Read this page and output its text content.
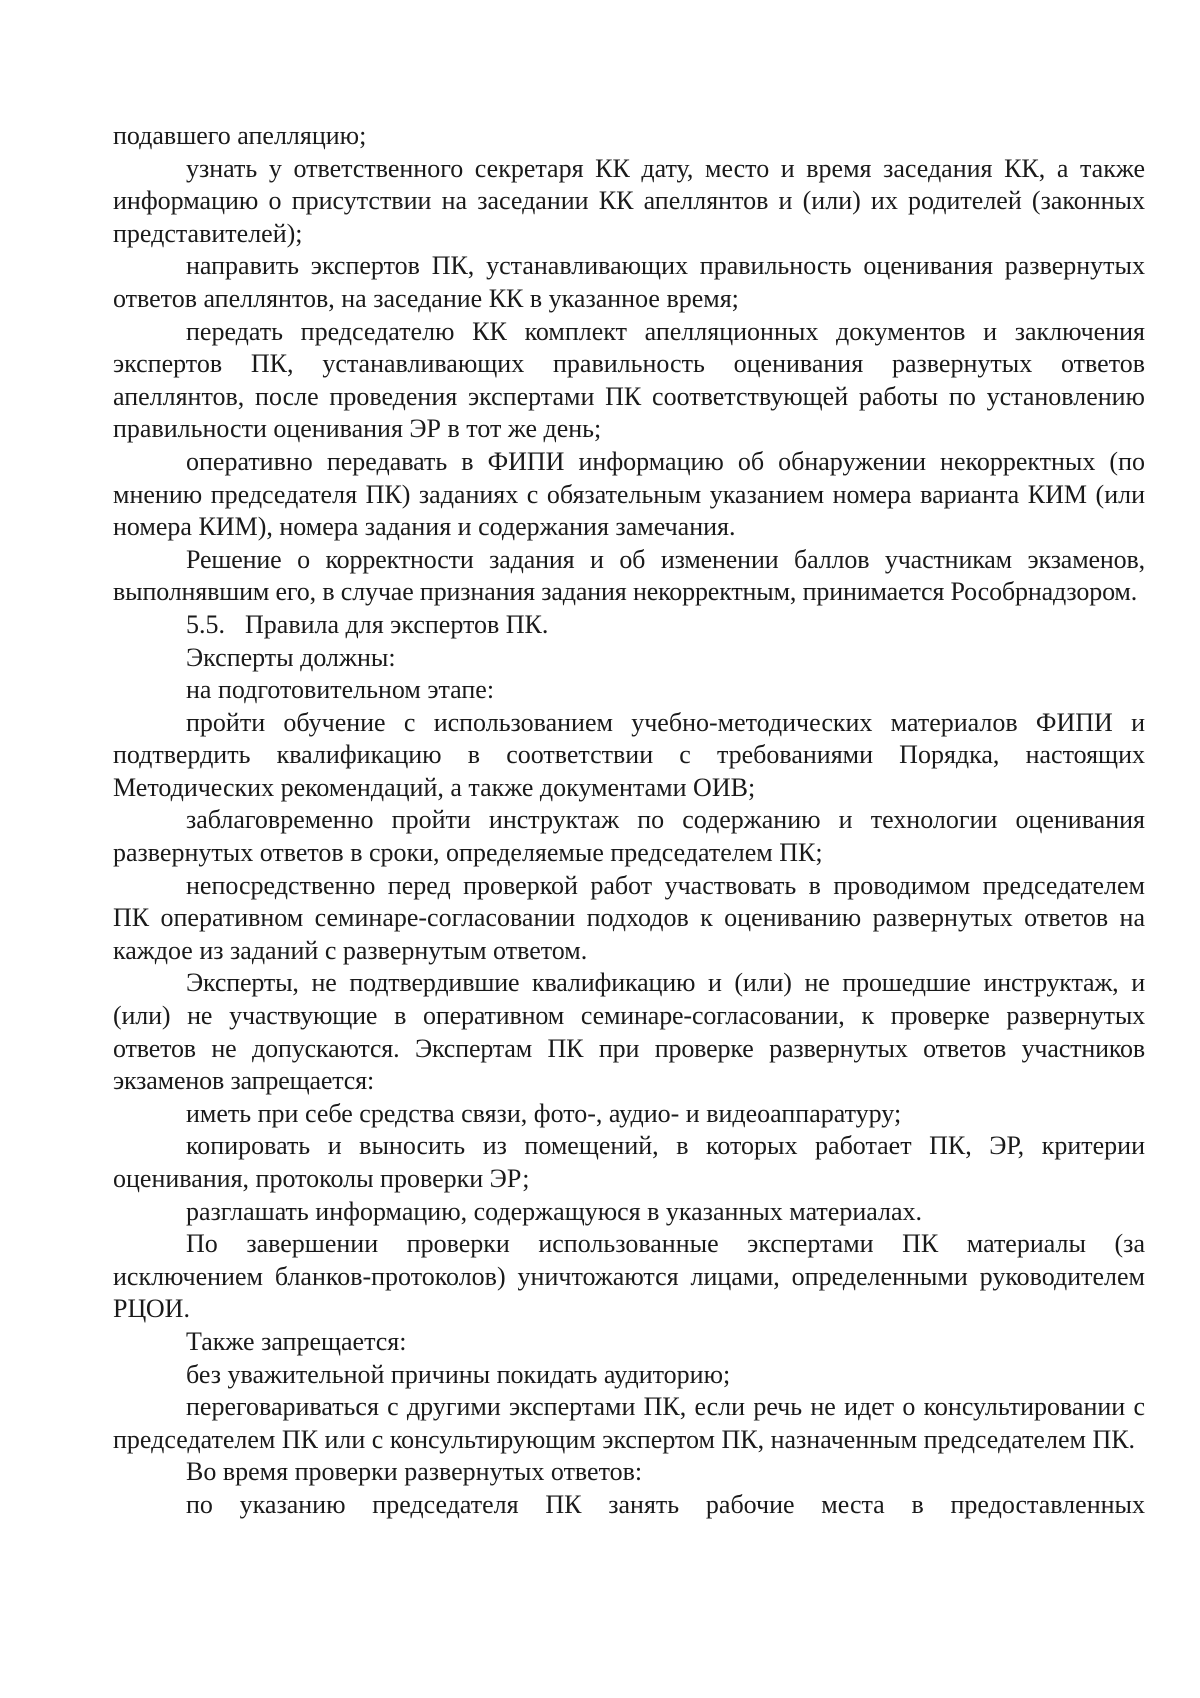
подавшего апелляцию;

узнать у ответственного секретаря КК дату, место и время заседания КК, а также информацию о присутствии на заседании КК апеллянтов и (или) их родителей (законных представителей);

направить экспертов ПК, устанавливающих правильность оценивания развернутых ответов апеллянтов, на заседание КК в указанное время;

передать председателю КК комплект апелляционных документов и заключения экспертов ПК, устанавливающих правильность оценивания развернутых ответов апеллянтов, после проведения экспертами ПК соответствующей работы по установлению правильности оценивания ЭР в тот же день;

оперативно передавать в ФИПИ информацию об обнаружении некорректных (по мнению председателя ПК) заданиях с обязательным указанием номера варианта КИМ (или номера КИМ), номера задания и содержания замечания.

Решение о корректности задания и об изменении баллов участникам экзаменов, выполнявшим его, в случае признания задания некорректным, принимается Рособрнадзором.

5.5. Правила для экспертов ПК.

Эксперты должны:

на подготовительном этапе:

пройти обучение с использованием учебно-методических материалов ФИПИ и подтвердить квалификацию в соответствии с требованиями Порядка, настоящих Методических рекомендаций, а также документами ОИВ;

заблаговременно пройти инструктаж по содержанию и технологии оценивания развернутых ответов в сроки, определяемые председателем ПК;

непосредственно перед проверкой работ участвовать в проводимом председателем ПК оперативном семинаре-согласовании подходов к оцениванию развернутых ответов на каждое из заданий с развернутым ответом.

Эксперты, не подтвердившие квалификацию и (или) не прошедшие инструктаж, и (или) не участвующие в оперативном семинаре-согласовании, к проверке развернутых ответов не допускаются. Экспертам ПК при проверке развернутых ответов участников экзаменов запрещается:

иметь при себе средства связи, фото-, аудио- и видеоаппаратуру;

копировать и выносить из помещений, в которых работает ПК, ЭР, критерии оценивания, протоколы проверки ЭР;

разглашать информацию, содержащуюся в указанных материалах.

По завершении проверки использованные экспертами ПК материалы (за исключением бланков-протоколов) уничтожаются лицами, определенными руководителем РЦОИ.

Также запрещается:

без уважительной причины покидать аудиторию;

переговариваться с другими экспертами ПК, если речь не идет о консультировании с председателем ПК или с консультирующим экспертом ПК, назначенным председателем ПК.

Во время проверки развернутых ответов:

по указанию председателя ПК занять рабочие места в предоставленных
